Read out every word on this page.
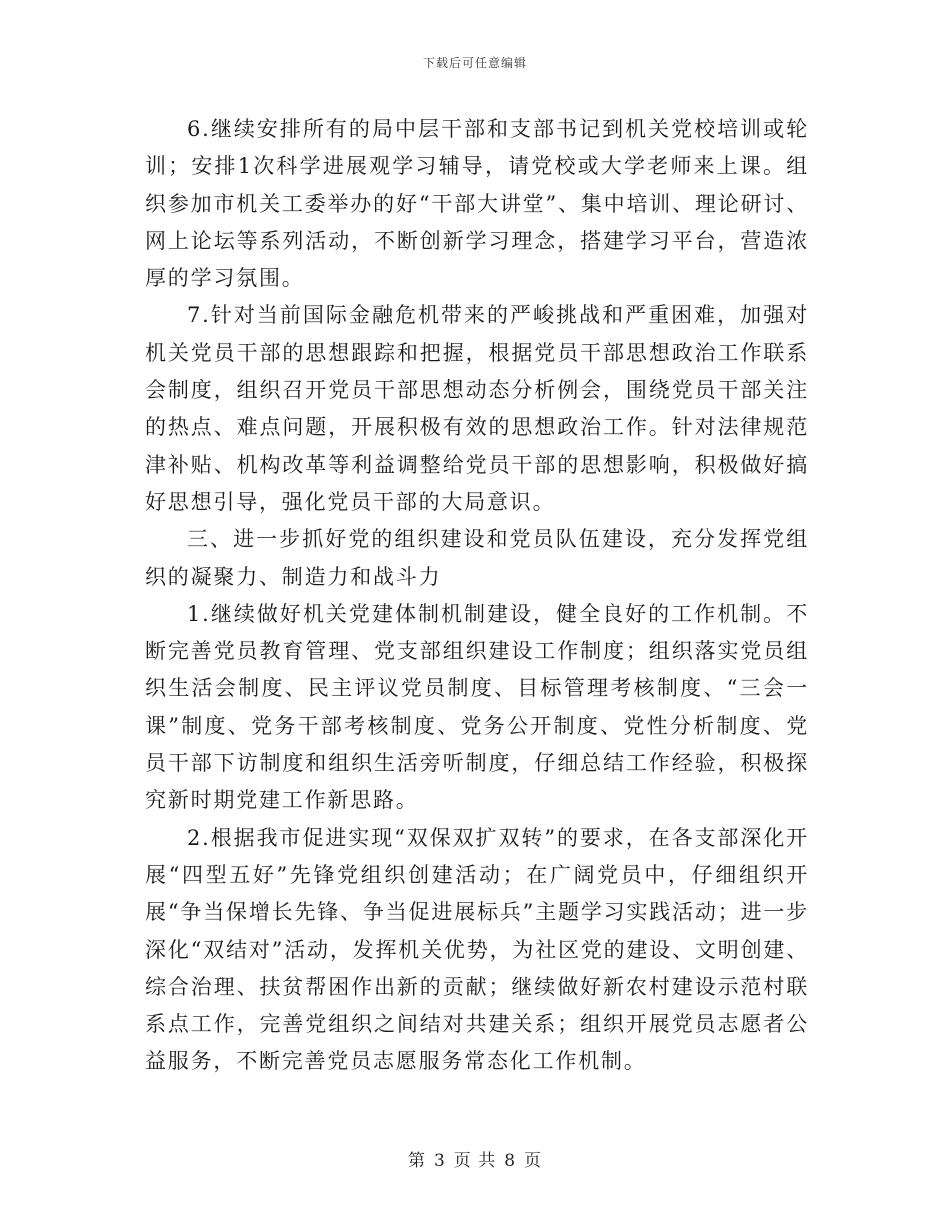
下载后可任意编辑

6.继续安排所有的局中层干部和支部书记到机关党校培训或轮训；安排1次科学进展观学习辅导，请党校或大学老师来上课。组织参加市机关工委举办的好“干部大讲堂”、集中培训、理论研讨、网上论坛等系列活动，不断创新学习理念，搭建学习平台，营造浓厚的学习氛围。

7.针对当前国际金融危机带来的严峻挑战和严重困难，加强对机关党员干部的思想跟踪和把握，根据党员干部思想政治工作联系会制度，组织召开党员干部思想动态分析例会，围绕党员干部关注的热点、难点问题，开展积极有效的思想政治工作。针对法律规范津补贴、机构改革等利益调整给党员干部的思想影响，积极做好搞好思想引导，强化党员干部的大局意识。

三、进一步抓好党的组织建设和党员队伍建设，充分发挥党组织的凝聚力、制造力和战斗力

1.继续做好机关党建体制机制建设，健全良好的工作机制。不断完善党员教育管理、党支部组织建设工作制度；组织落实党员组织生活会制度、民主评议党员制度、目标管理考核制度、“三会一课”制度、党务干部考核制度、党务公开制度、党性分析制度、党员干部下访制度和组织生活旁听制度，仔细总结工作经验，积极探究新时期党建工作新思路。

2.根据我市促进实现“双保双扩双转”的要求，在各支部深化开展“四型五好”先锋党组织创建活动；在广阔党员中，仔细组织开展“争当保增长先锋、争当促进展标兵”主题学习实践活动；进一步深化“双结对”活动，发挥机关优势，为社区党的建设、文明创建、综合治理、扶贫帮困作出新的贡献；继续做好新农村建设示范村联系点工作，完善党组织之间结对共建关系；组织开展党员志愿者公益服务，不断完善党员志愿服务常态化工作机制。

第 3 页 共 8 页
